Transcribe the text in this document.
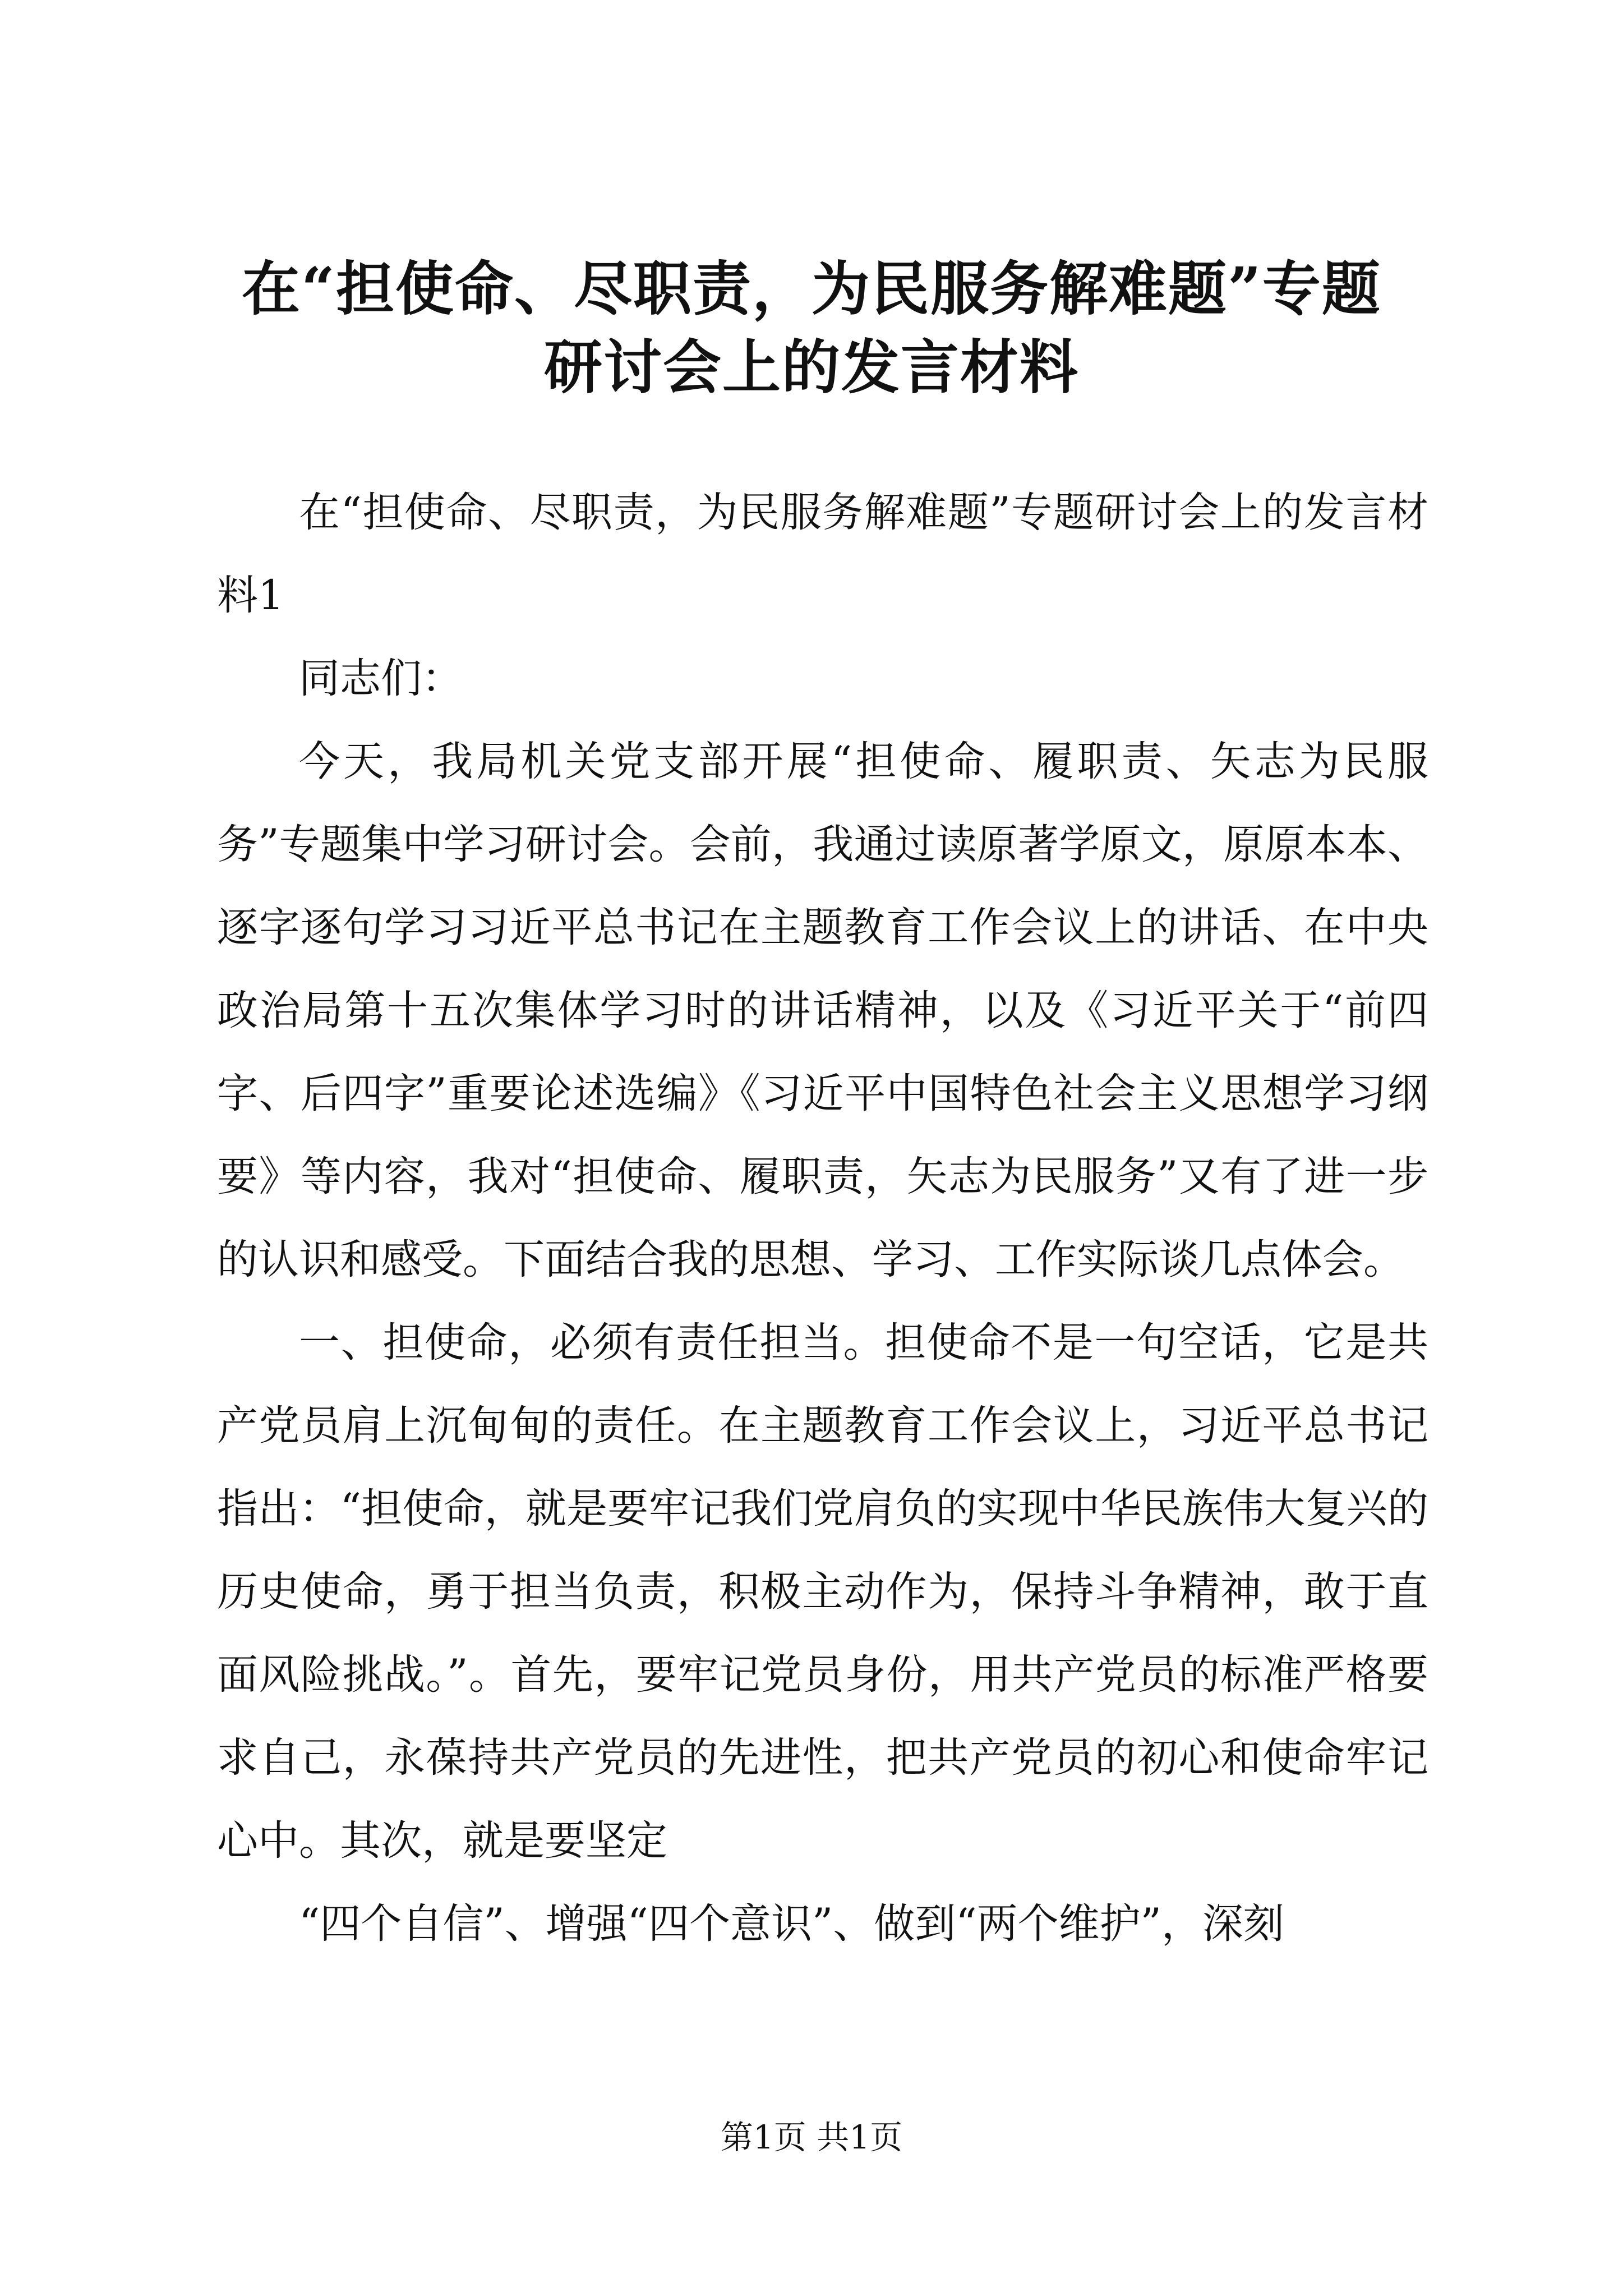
在“担使命、尽职责，为民服务解难题”专题
研讨会上的发言材料

在“担使命、尽职责，为民服务解难题”专题研讨会上的发言材料1

同志们：

今天，我局机关党支部开展“担使命、履职责、矢志为民服务”专题集中学习研讨会。会前，我通过读原著学原文，原原本本、逐字逐句学习习近平总书记在主题教育工作会议上的讲话、在中央政治局第十五次集体学习时的讲话精神，以及《习近平关于“前四字、后四字”重要论述选编》《习近平中国特色社会主义思想学习纲要》等内容，我对“担使命、履职责，矢志为民服务”又有了进一步的认识和感受。下面结合我的思想、学习、工作实际谈几点体会。

一、担使命，必须有责任担当。担使命不是一句空话，它是共产党员肩上沉甸甸的责任。在主题教育工作会议上，习近平总书记指出：“担使命，就是要牢记我们党肩负的实现中华民族伟大复兴的历史使命，勇于担当负责，积极主动作为，保持斗争精神，敢于直面风险挑战。”。首先，要牢记党员身份，用共产党员的标准严格要求自己，永葆持共产党员的先进性，把共产党员的初心和使命牢记心中。其次，就是要坚定

“四个自信”、增强“四个意识”、做到“两个维护”，深刻

第1页 共1页
